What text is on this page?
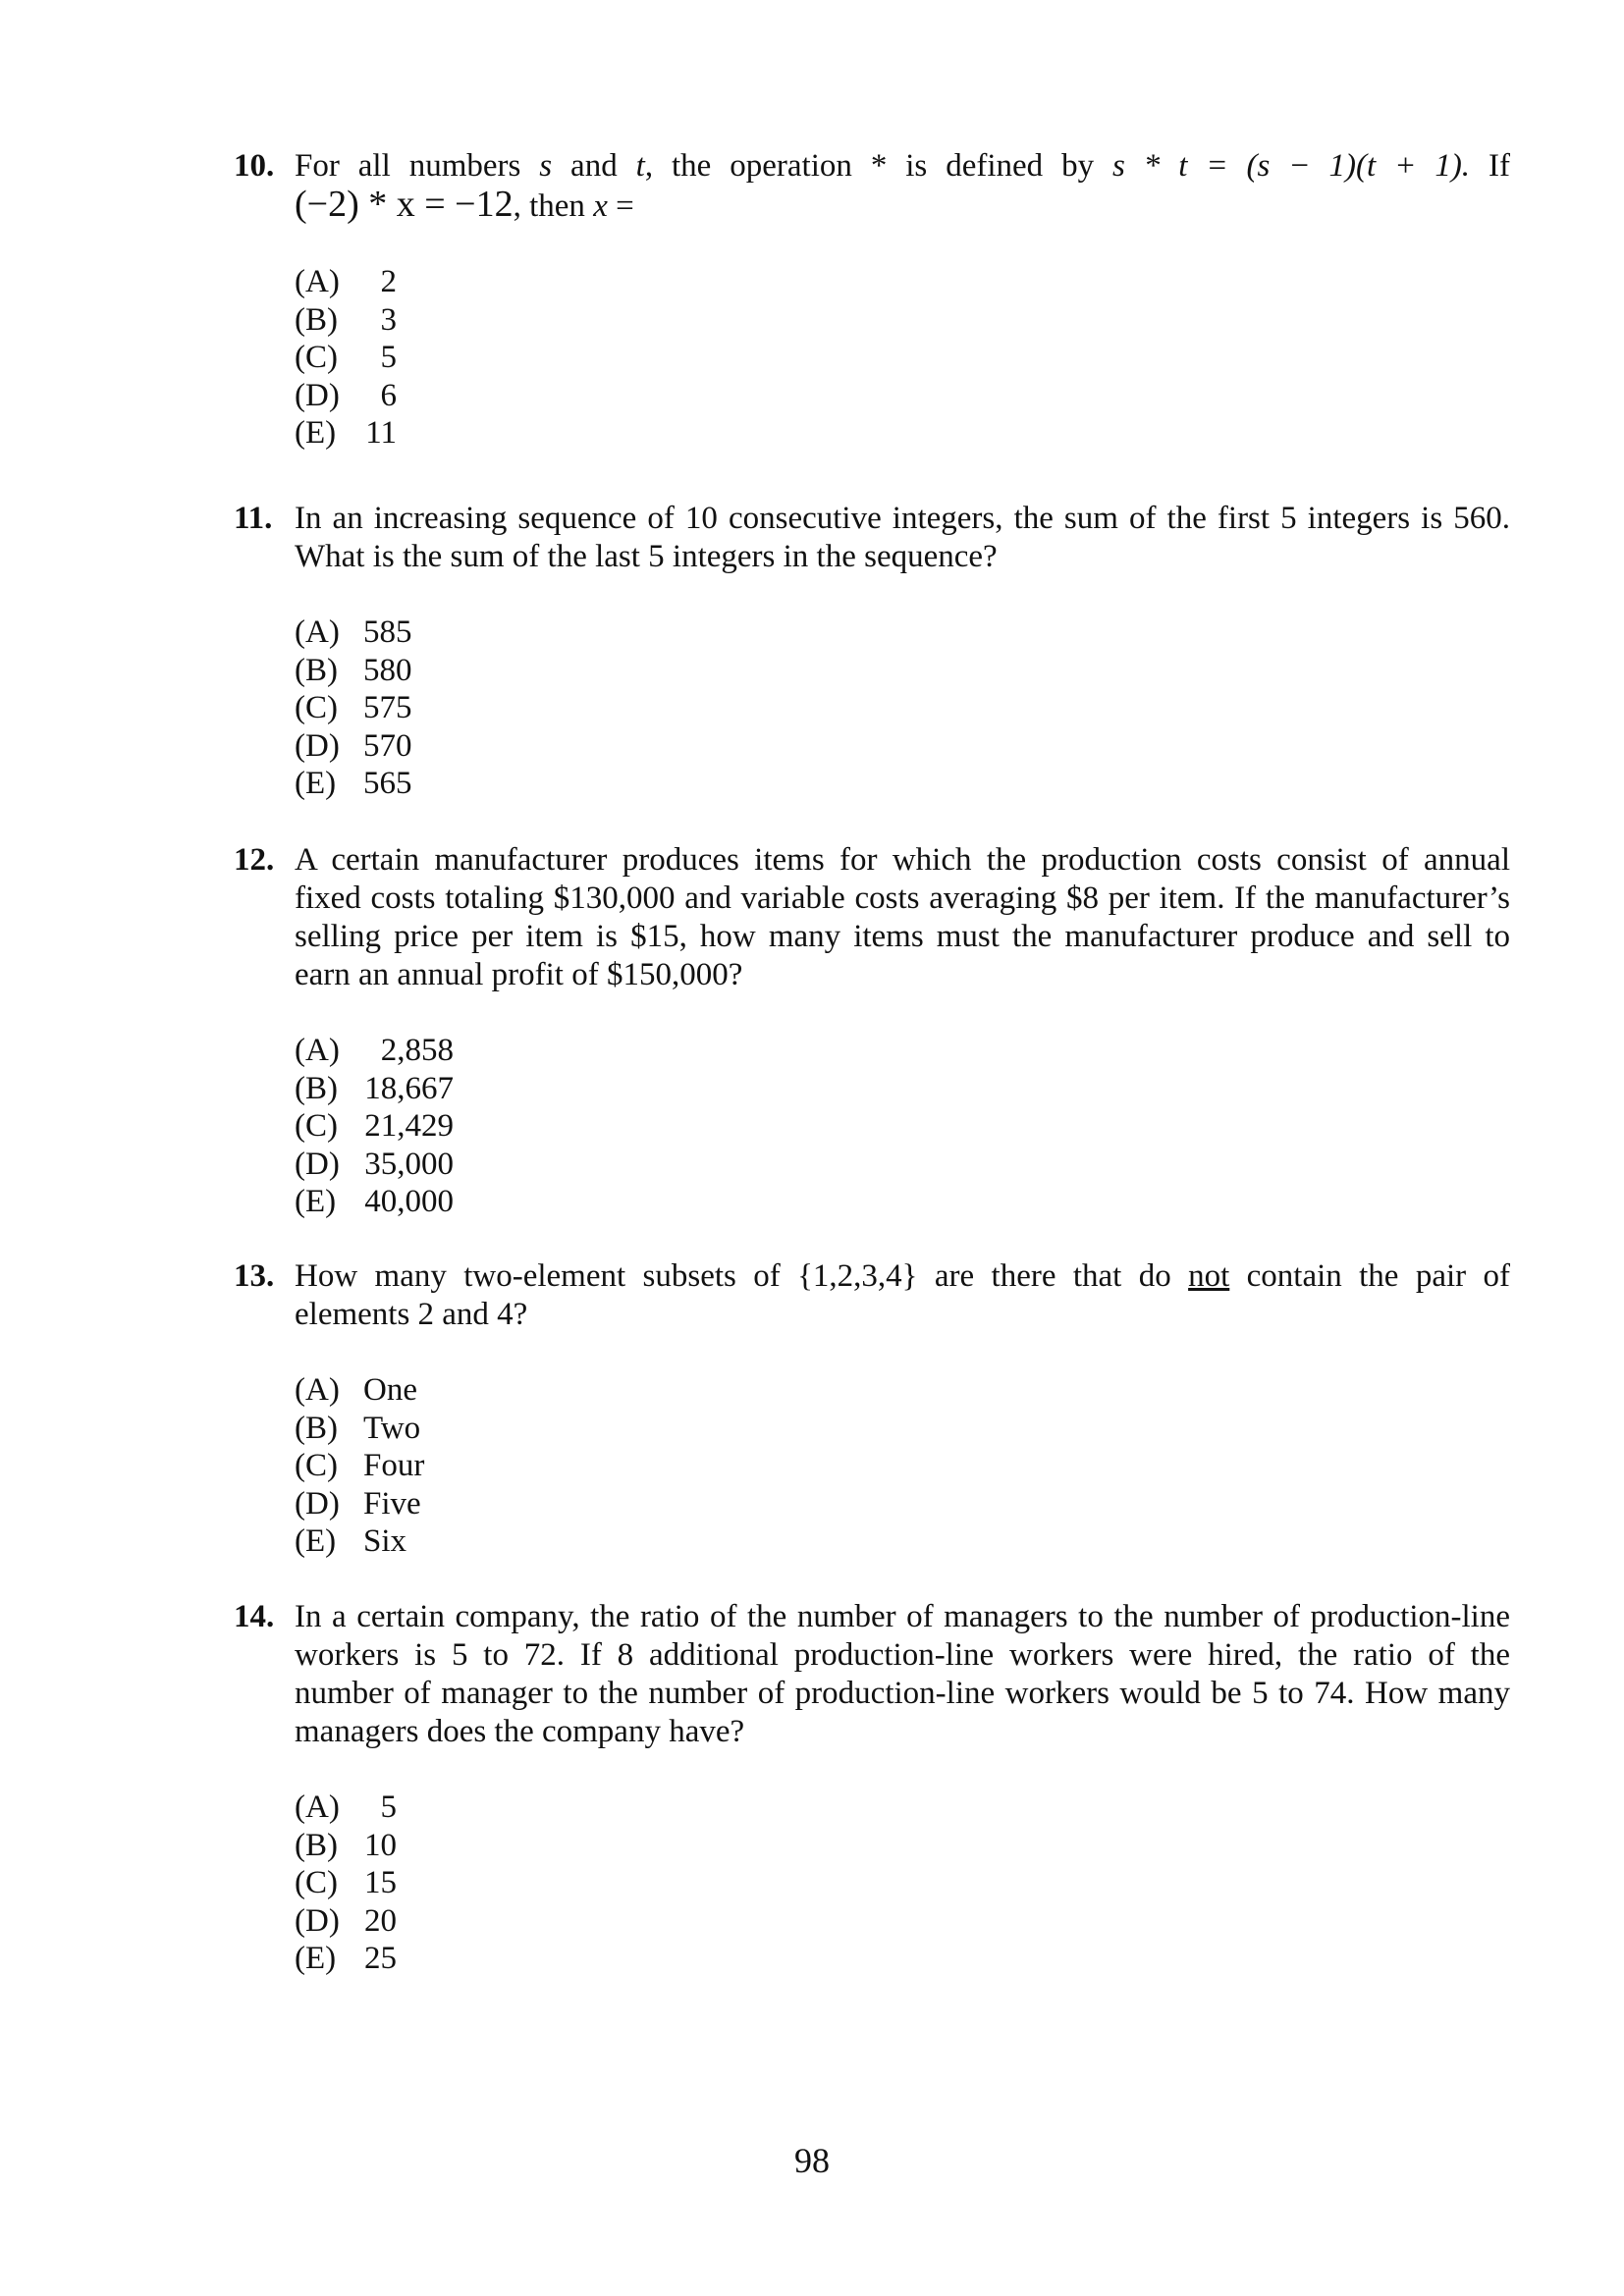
10. For all numbers s and t, the operation * is defined by s * t = (s − 1)(t + 1). If
(−2) * x = −12, then x =
(A) 2
(B) 3
(C) 5
(D) 6
(E) 11
11. In an increasing sequence of 10 consecutive integers, the sum of the first 5 integers is 560.
What is the sum of the last 5 integers in the sequence?
(A) 585
(B) 580
(C) 575
(D) 570
(E) 565
12. A certain manufacturer produces items for which the production costs consist of annual
fixed costs totaling $130,000 and variable costs averaging $8 per item. If the manufacturer’s
selling price per item is $15, how many items must the manufacturer produce and sell to
earn an annual profit of $150,000?
(A) 2,858
(B) 18,667
(C) 21,429
(D) 35,000
(E) 40,000
13. How many two-element subsets of {1,2,3,4} are there that do not contain the pair of
elements 2 and 4?
(A) One
(B) Two
(C) Four
(D) Five
(E) Six
14. In a certain company, the ratio of the number of managers to the number of production-line
workers is 5 to 72. If 8 additional production-line workers were hired, the ratio of the
number of manager to the number of production-line workers would be 5 to 74. How many
managers does the company have?
(A) 5
(B) 10
(C) 15
(D) 20
(E) 25
98
